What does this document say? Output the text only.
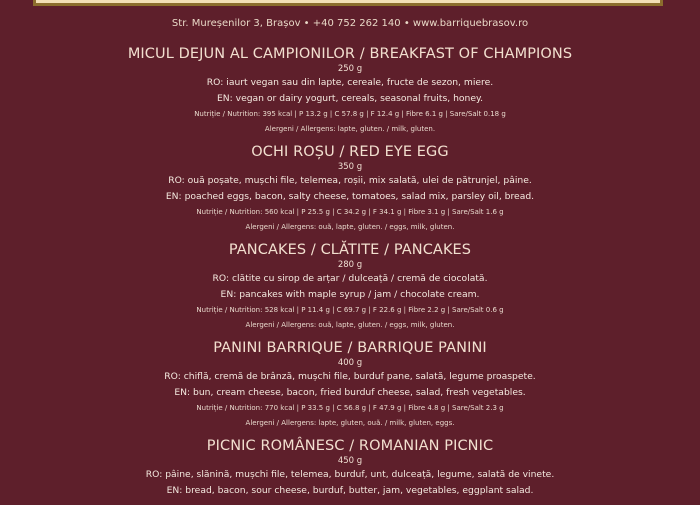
Str. Mureșenilor 3, Brașov • +40 752 262 140 • www.barriquebrasov.ro
MICUL DEJUN AL CAMPIONILOR / BREAKFAST OF CHAMPIONS
250 g
RO: iaurt vegan sau din lapte, cereale, fructe de sezon, miere.
EN: vegan or dairy yogurt, cereals, seasonal fruits, honey.
Nutriție / Nutrition: 395 kcal | P 13.2 g | C 57.8 g | F 12.4 g | Fibre 6.1 g | Sare/Salt 0.18 g
Alergeni / Allergens: lapte, gluten. / milk, gluten.
OCHI ROȘU / RED EYE EGG
350 g
RO: ouă poșate, mușchi file, telemea, roșii, mix salată, ulei de pătrunjel, pâine.
EN: poached eggs, bacon, salty cheese, tomatoes, salad mix, parsley oil, bread.
Nutriție / Nutrition: 560 kcal | P 25.5 g | C 34.2 g | F 34.1 g | Fibre 3.1 g | Sare/Salt 1.6 g
Alergeni / Allergens: ouă, lapte, gluten. / eggs, milk, gluten.
PANCAKES / CLĂTITE / PANCAKES
280 g
RO: clătite cu sirop de arțar / dulceață / cremă de ciocolată.
EN: pancakes with maple syrup / jam / chocolate cream.
Nutriție / Nutrition: 528 kcal | P 11.4 g | C 69.7 g | F 22.6 g | Fibre 2.2 g | Sare/Salt 0.6 g
Alergeni / Allergens: ouă, lapte, gluten. / eggs, milk, gluten.
PANINI BARRIQUE / BARRIQUE PANINI
400 g
RO: chiflă, cremă de brânză, mușchi file, burduf pane, salată, legume proaspete.
EN: bun, cream cheese, bacon, fried burduf cheese, salad, fresh vegetables.
Nutriție / Nutrition: 770 kcal | P 33.5 g | C 56.8 g | F 47.9 g | Fibre 4.8 g | Sare/Salt 2.3 g
Alergeni / Allergens: lapte, gluten, ouă. / milk, gluten, eggs.
PICNIC ROMÂNESC / ROMANIAN PICNIC
450 g
RO: pâine, slănină, mușchi file, telemea, burduf, unt, dulceață, legume, salată de vinete.
EN: bread, bacon, sour cheese, burduf, butter, jam, vegetables, eggplant salad.
